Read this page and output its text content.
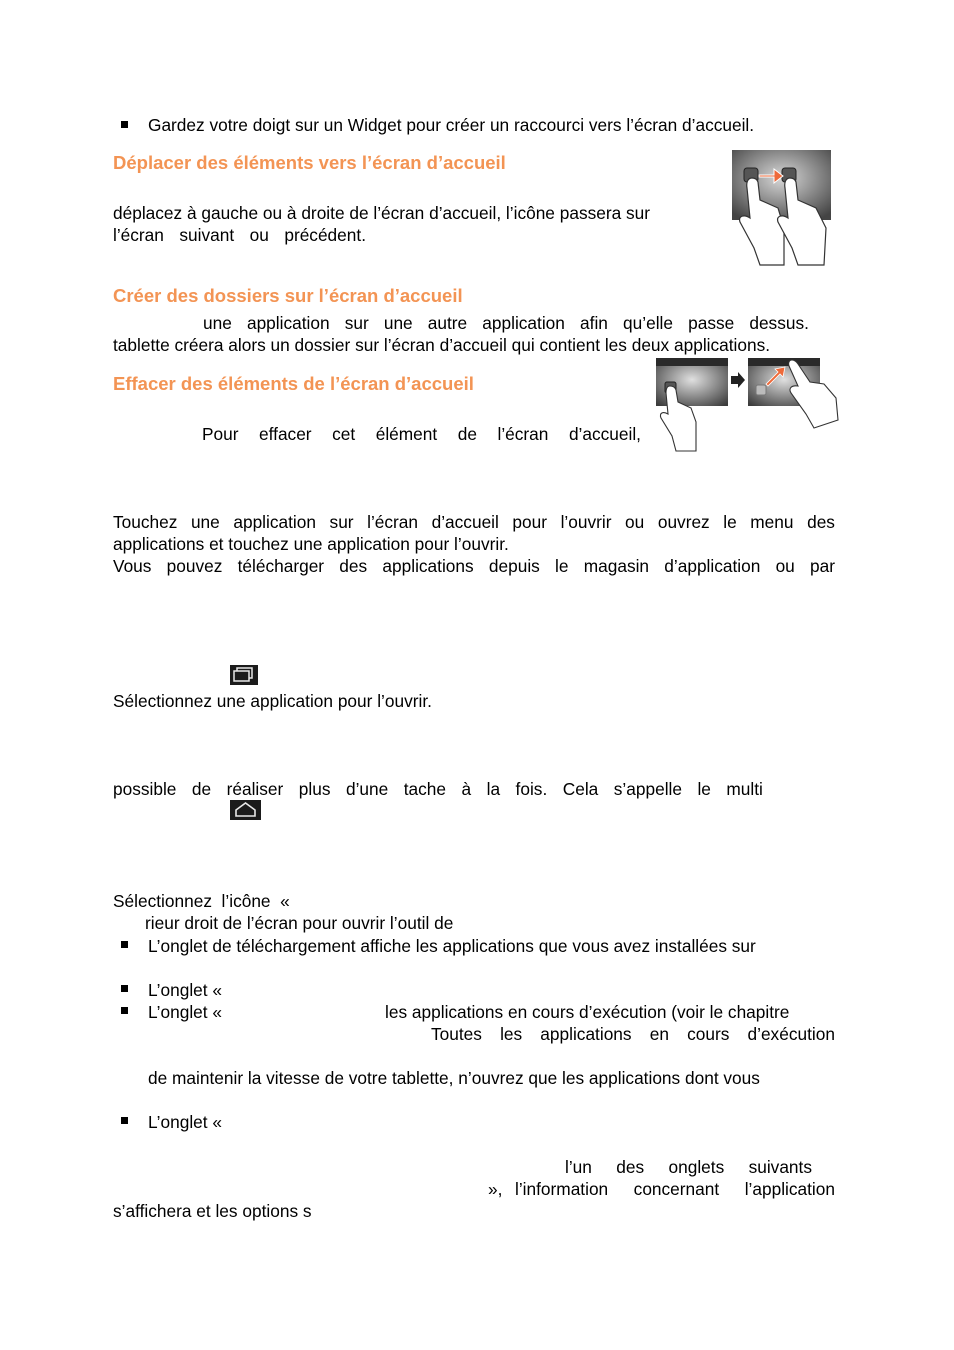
Gardez votre doigt sur un Widget pour créer un raccourci vers l’écran d’accueil.
Déplacer des éléments vers l’écran d’accueil
déplacez à gauche ou à droite de l’écran d’accueil, l’icône passera sur
l’écran suivant ou précédent.
Créer des dossiers sur l’écran d’accueil
une application sur une autre application afin qu’elle passe dessus.
tablette créera alors un dossier sur l’écran d’accueil qui contient les deux applications.
Effacer des éléments de l’écran d’accueil
Pour effacer cet élément de l’écran d’accueil,
Touchez une application sur l’écran d’accueil pour l’ouvrir ou ouvrez le menu des
applications et touchez une application pour l’ouvrir.
Vous pouvez télécharger des applications depuis le magasin d’application ou par
Sélectionnez une application pour l’ouvrir.
possible de réaliser plus d’une tache à la fois. Cela s’appelle le multi
Sélectionnez  l’icône  «
rieur droit de l’écran pour ouvrir l’outil de
L’onglet de téléchargement affiche les applications que vous avez installées sur
L’onglet «
L’onglet «	les applications en cours d’exécution (voir le chapitre
Toutes les applications en cours d’exécution
de maintenir la vitesse de votre tablette, n’ouvrez que les applications dont vous
L’onglet «
l’un des onglets suivants
», l’information concernant l’application
s’affichera et les options s
